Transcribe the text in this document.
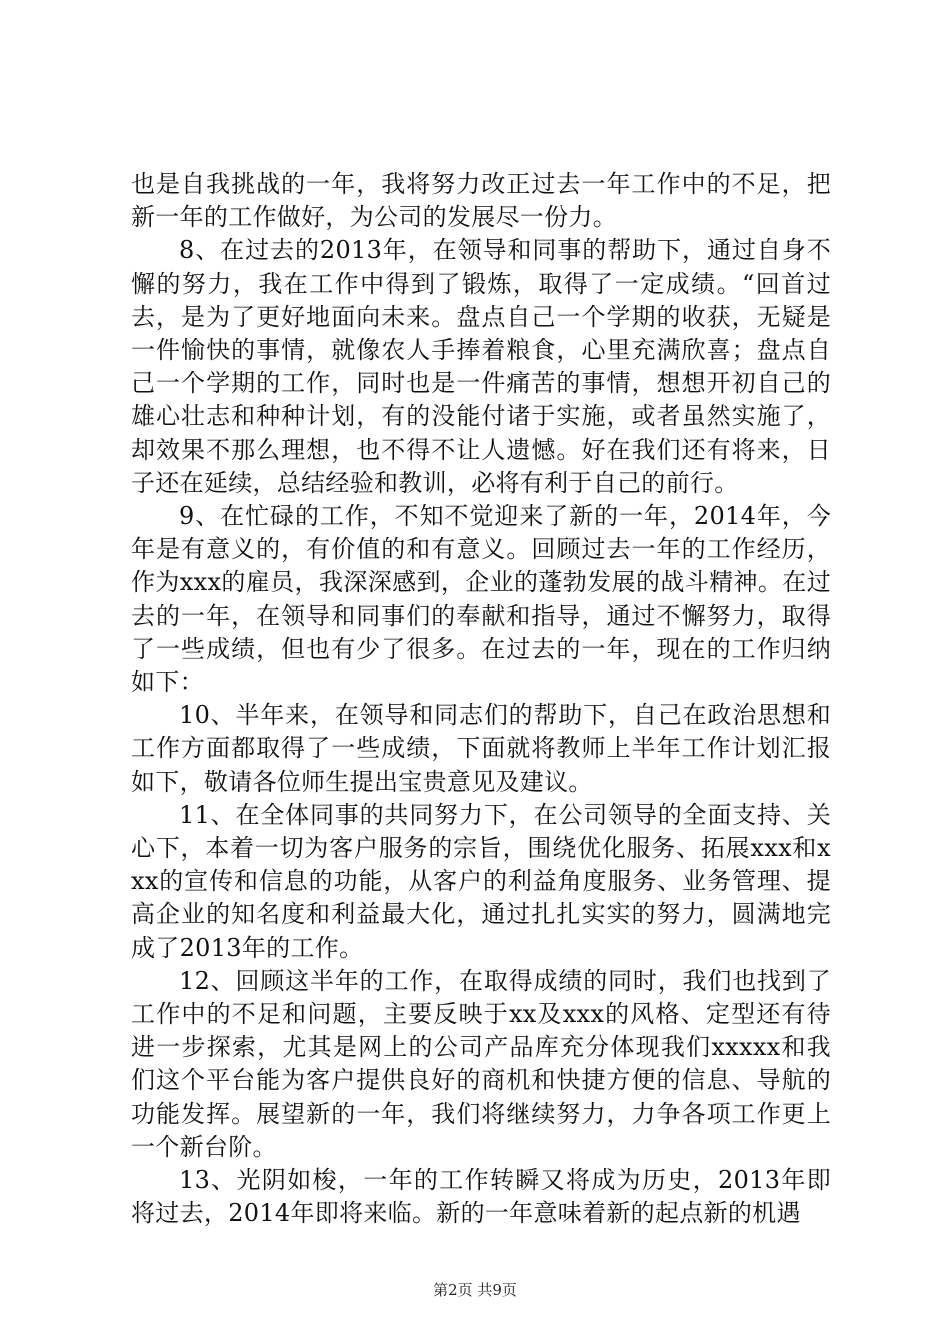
也是自我挑战的一年，我将努力改正过去一年工作中的不足，把新一年的工作做好，为公司的发展尽一份力。

8、在过去的2013年，在领导和同事的帮助下，通过自身不懈的努力，我在工作中得到了锻炼，取得了一定成绩。“回首过去，是为了更好地面向未来。盘点自己一个学期的收获，无疑是一件愉快的事情，就像农人手捧着粮食，心里充满欣喜；盘点自己一个学期的工作，同时也是一件痛苦的事情，想想开初自己的雄心壮志和种种计划，有的没能付诸于实施，或者虽然实施了，却效果不那么理想，也不得不让人遗憾。好在我们还有将来，日子还在延续，总结经验和教训，必将有利于自己的前行。

9、在忙碌的工作，不知不觉迎来了新的一年，2014年，今年是有意义的，有价值的和有意义。回顾过去一年的工作经历，作为xxx的雇员，我深深感到，企业的蓬勃发展的战斗精神。在过去的一年，在领导和同事们的奉献和指导，通过不懈努力，取得了一些成绩，但也有少了很多。在过去的一年，现在的工作归纳如下：

10、半年来，在领导和同志们的帮助下，自己在政治思想和工作方面都取得了一些成绩，下面就将教师上半年工作计划汇报如下，敬请各位师生提出宝贵意见及建议。

11、在全体同事的共同努力下，在公司领导的全面支持、关心下，本着一切为客户服务的宗旨，围绕优化服务、拓展xxx和xxx的宣传和信息的功能，从客户的利益角度服务、业务管理、提高企业的知名度和利益最大化，通过扎扎实实的努力，圆满地完成了2013年的工作。

12、回顾这半年的工作，在取得成绩的同时，我们也找到了工作中的不足和问题，主要反映于xx及xxx的风格、定型还有待进一步探索，尤其是网上的公司产品库充分体现我们xxxxx和我们这个平台能为客户提供良好的商机和快捷方便的信息、导航的功能发挥。展望新的一年，我们将继续努力，力争各项工作更上一个新台阶。

13、光阴如梭，一年的工作转瞬又将成为历史，2013年即将过去，2014年即将来临。新的一年意味着新的起点新的机遇

第2页 共9页
